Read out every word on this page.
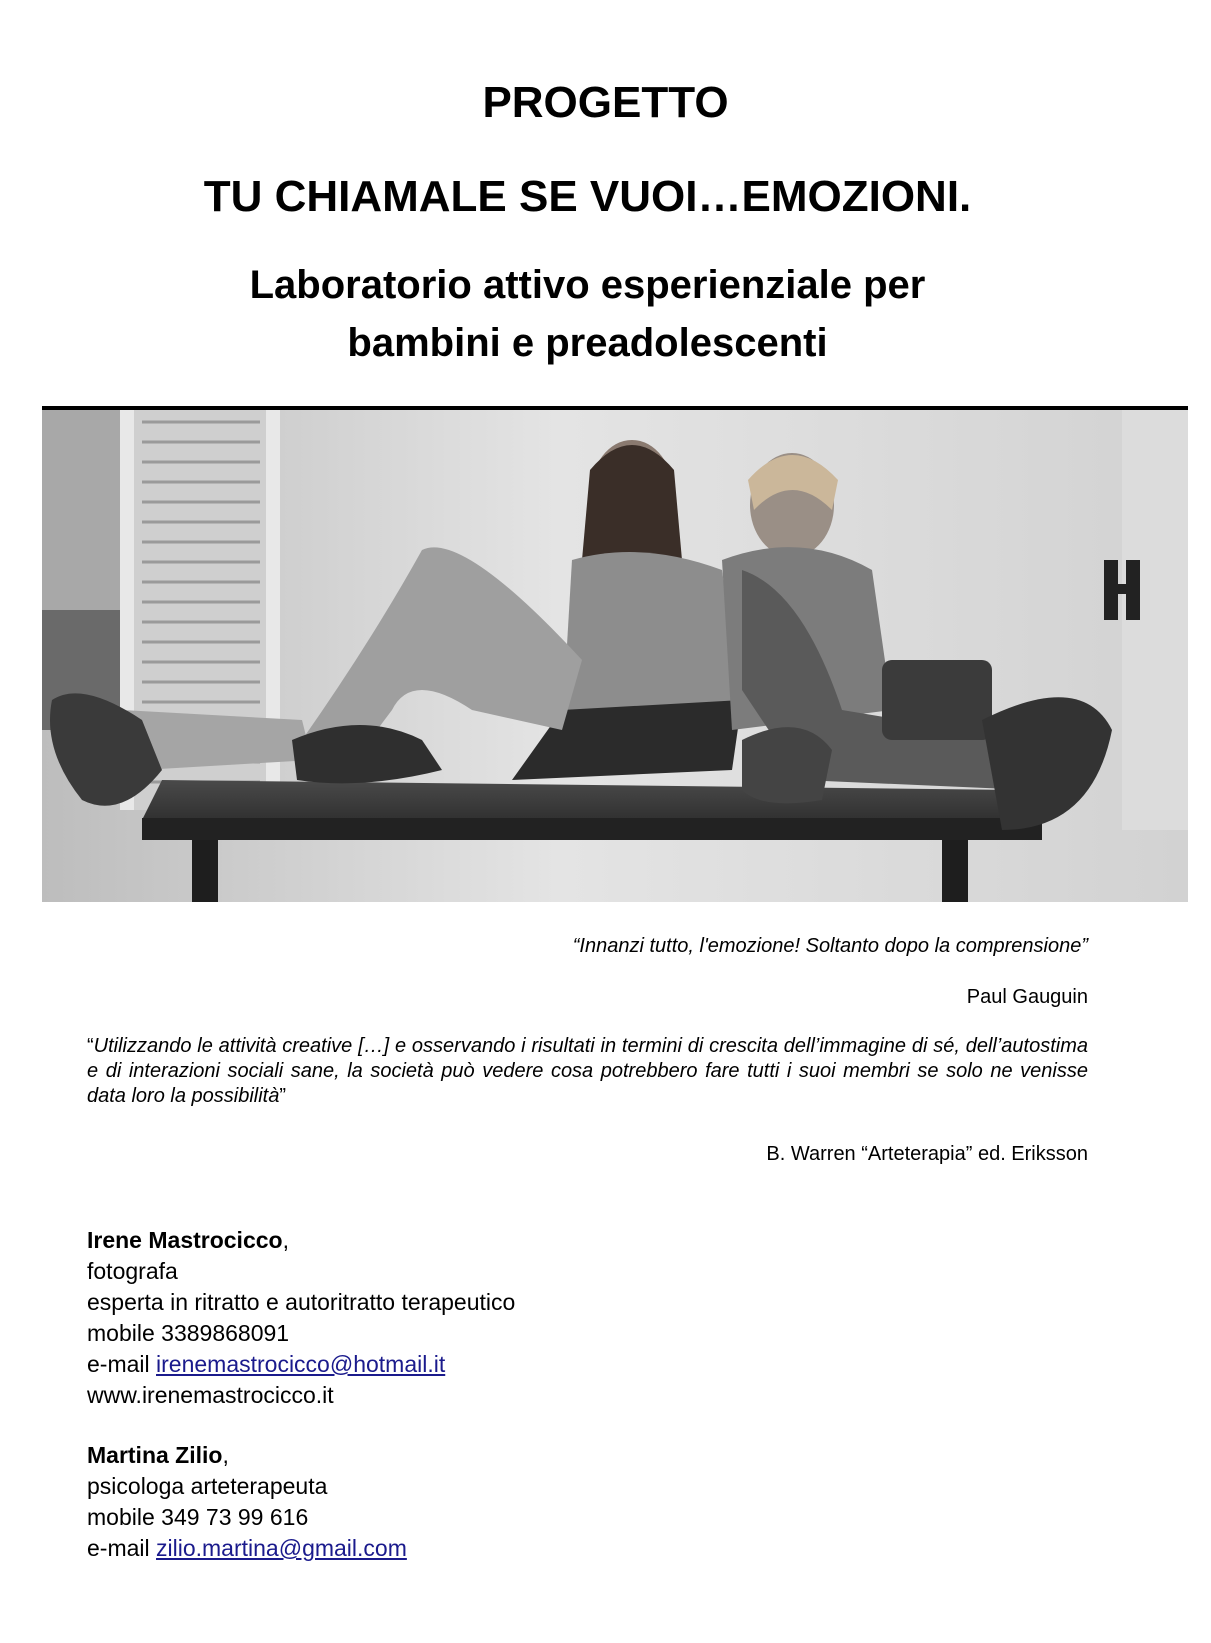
PROGETTO
TU CHIAMALE SE VUOI…EMOZIONI.
Laboratorio attivo esperienziale per
bambini e preadolescenti
“Innanzi tutto, l'emozione! Soltanto dopo la comprensione”
Paul Gauguin
“Utilizzando le attività creative […] e osservando i risultati in termini di crescita dell’immagine di sé, dell’autostima e di interazioni sociali sane, la società può vedere cosa potrebbero fare tutti i suoi membri se solo ne venisse data loro la possibilità”
B. Warren “Arteterapia” ed. Eriksson
Irene Mastrocicco,
fotografa
esperta in ritratto e autoritratto terapeutico
mobile 3389868091
e-mail irenemastrocicco@hotmail.it
www.irenemastrocicco.it
Martina Zilio,
psicologa arteterapeuta
mobile 349 73 99 616
e-mail zilio.martina@gmail.com
